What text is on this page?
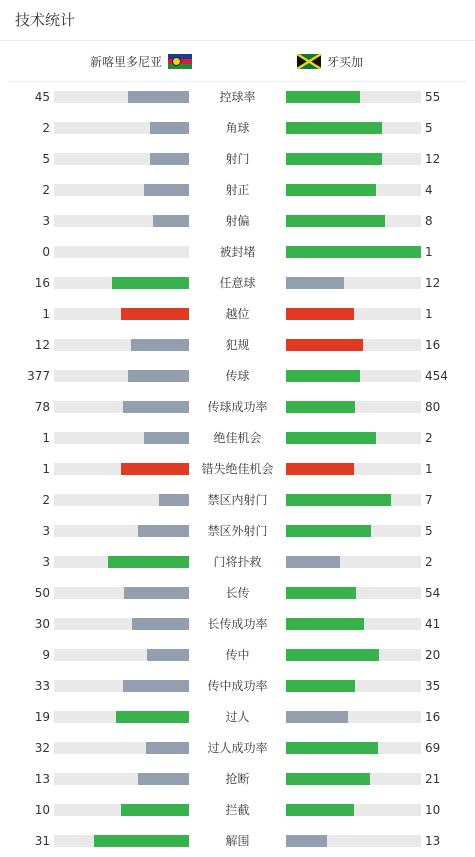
技术统计
新喀里多尼亚	牙买加
45	控球率	55
2	角球	5
5	射门	12
2	射正	4
3	射偏	8
0	被封堵	1
16	任意球	12
1	越位	1
12	犯规	16
377	传球	454
78	传球成功率	80
1	绝佳机会	2
1	错失绝佳机会	1
2	禁区内射门	7
3	禁区外射门	5
3	门将扑救	2
50	长传	54
30	长传成功率	41
9	传中	20
33	传中成功率	35
19	过人	16
32	过人成功率	69
13	抢断	21
10	拦截	10
31	解围	13
